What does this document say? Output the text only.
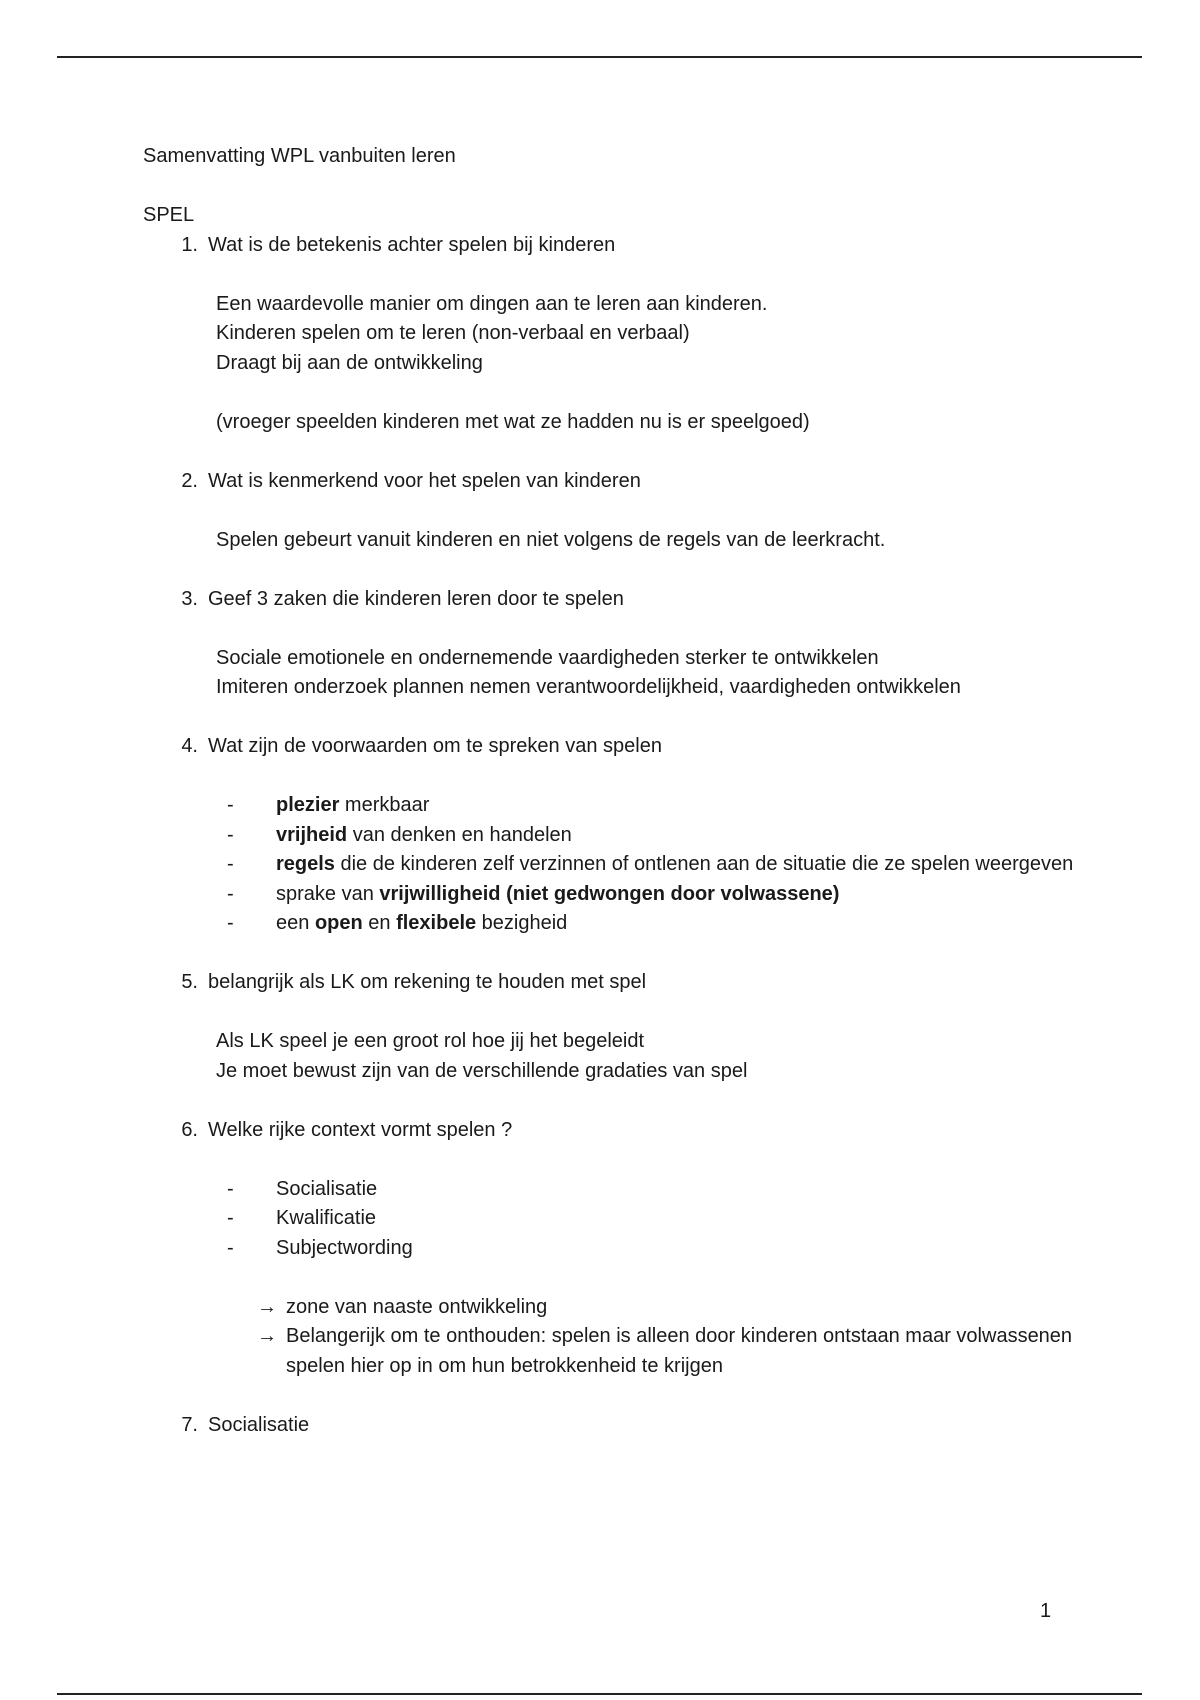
Samenvatting WPL vanbuiten leren
SPEL
1. Wat is de betekenis achter spelen bij kinderen
Een waardevolle manier om dingen aan te leren aan kinderen.
Kinderen spelen om te leren (non-verbaal en verbaal)
Draagt bij aan de ontwikkeling
(vroeger speelden kinderen met wat ze hadden nu is er speelgoed)
2. Wat is kenmerkend voor het spelen van kinderen
Spelen gebeurt vanuit kinderen en niet volgens de regels van de leerkracht.
3. Geef 3 zaken die kinderen leren door te spelen
Sociale emotionele en ondernemende vaardigheden sterker te ontwikkelen
Imiteren onderzoek plannen nemen verantwoordelijkheid, vaardigheden ontwikkelen
4. Wat zijn de voorwaarden om te spreken van spelen
-	plezier merkbaar
-	vrijheid van denken en handelen
-	regels die de kinderen zelf verzinnen of ontlenen aan de situatie die ze spelen weergeven
-	sprake van vrijwilligheid (niet gedwongen door volwassene)
-	een open en flexibele bezigheid
5. belangrijk als LK om rekening te houden met spel
Als LK speel je een groot rol hoe jij het begeleidt
Je moet bewust zijn van de verschillende gradaties van spel
6. Welke rijke context vormt spelen ?
-	Socialisatie
-	Kwalificatie
-	Subjectwording
→ zone van naaste ontwikkeling
→ Belangerijk om te onthouden: spelen is alleen door kinderen ontstaan maar volwassenen spelen hier op in om hun betrokkenheid te krijgen
7. Socialisatie
1
